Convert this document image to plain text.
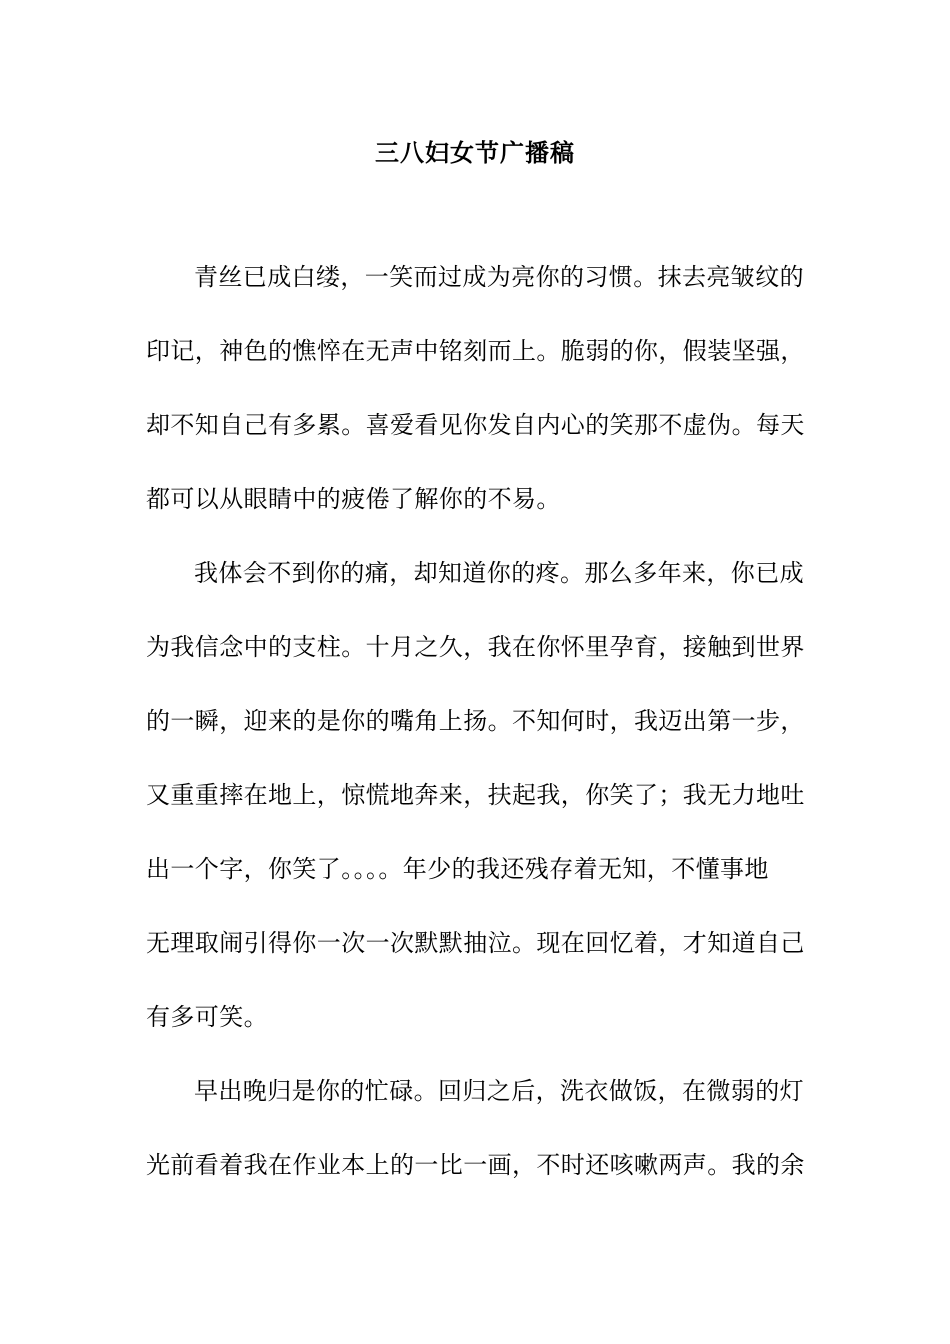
三八妇女节广播稿
青丝已成白缕，一笑而过成为亮你的习惯。抹去亮皱纹的
印记，神色的憔悴在无声中铭刻而上。脆弱的你，假装坚强，
却不知自己有多累。喜爱看见你发自内心的笑那不虚伪。每天
都可以从眼睛中的疲倦了解你的不易。
我体会不到你的痛，却知道你的疼。那么多年来，你已成
为我信念中的支柱。十月之久，我在你怀里孕育，接触到世界
的一瞬，迎来的是你的嘴角上扬。不知何时，我迈出第一步，
又重重摔在地上，惊慌地奔来，扶起我，你笑了；我无力地吐
出一个字，你笑了。。。。年少的我还残存着无知，不懂事地
无理取闹引得你一次一次默默抽泣。现在回忆着，才知道自己
有多可笑。
早出晚归是你的忙碌。回归之后，洗衣做饭，在微弱的灯
光前看着我在作业本上的一比一画，不时还咳嗽两声。我的余
